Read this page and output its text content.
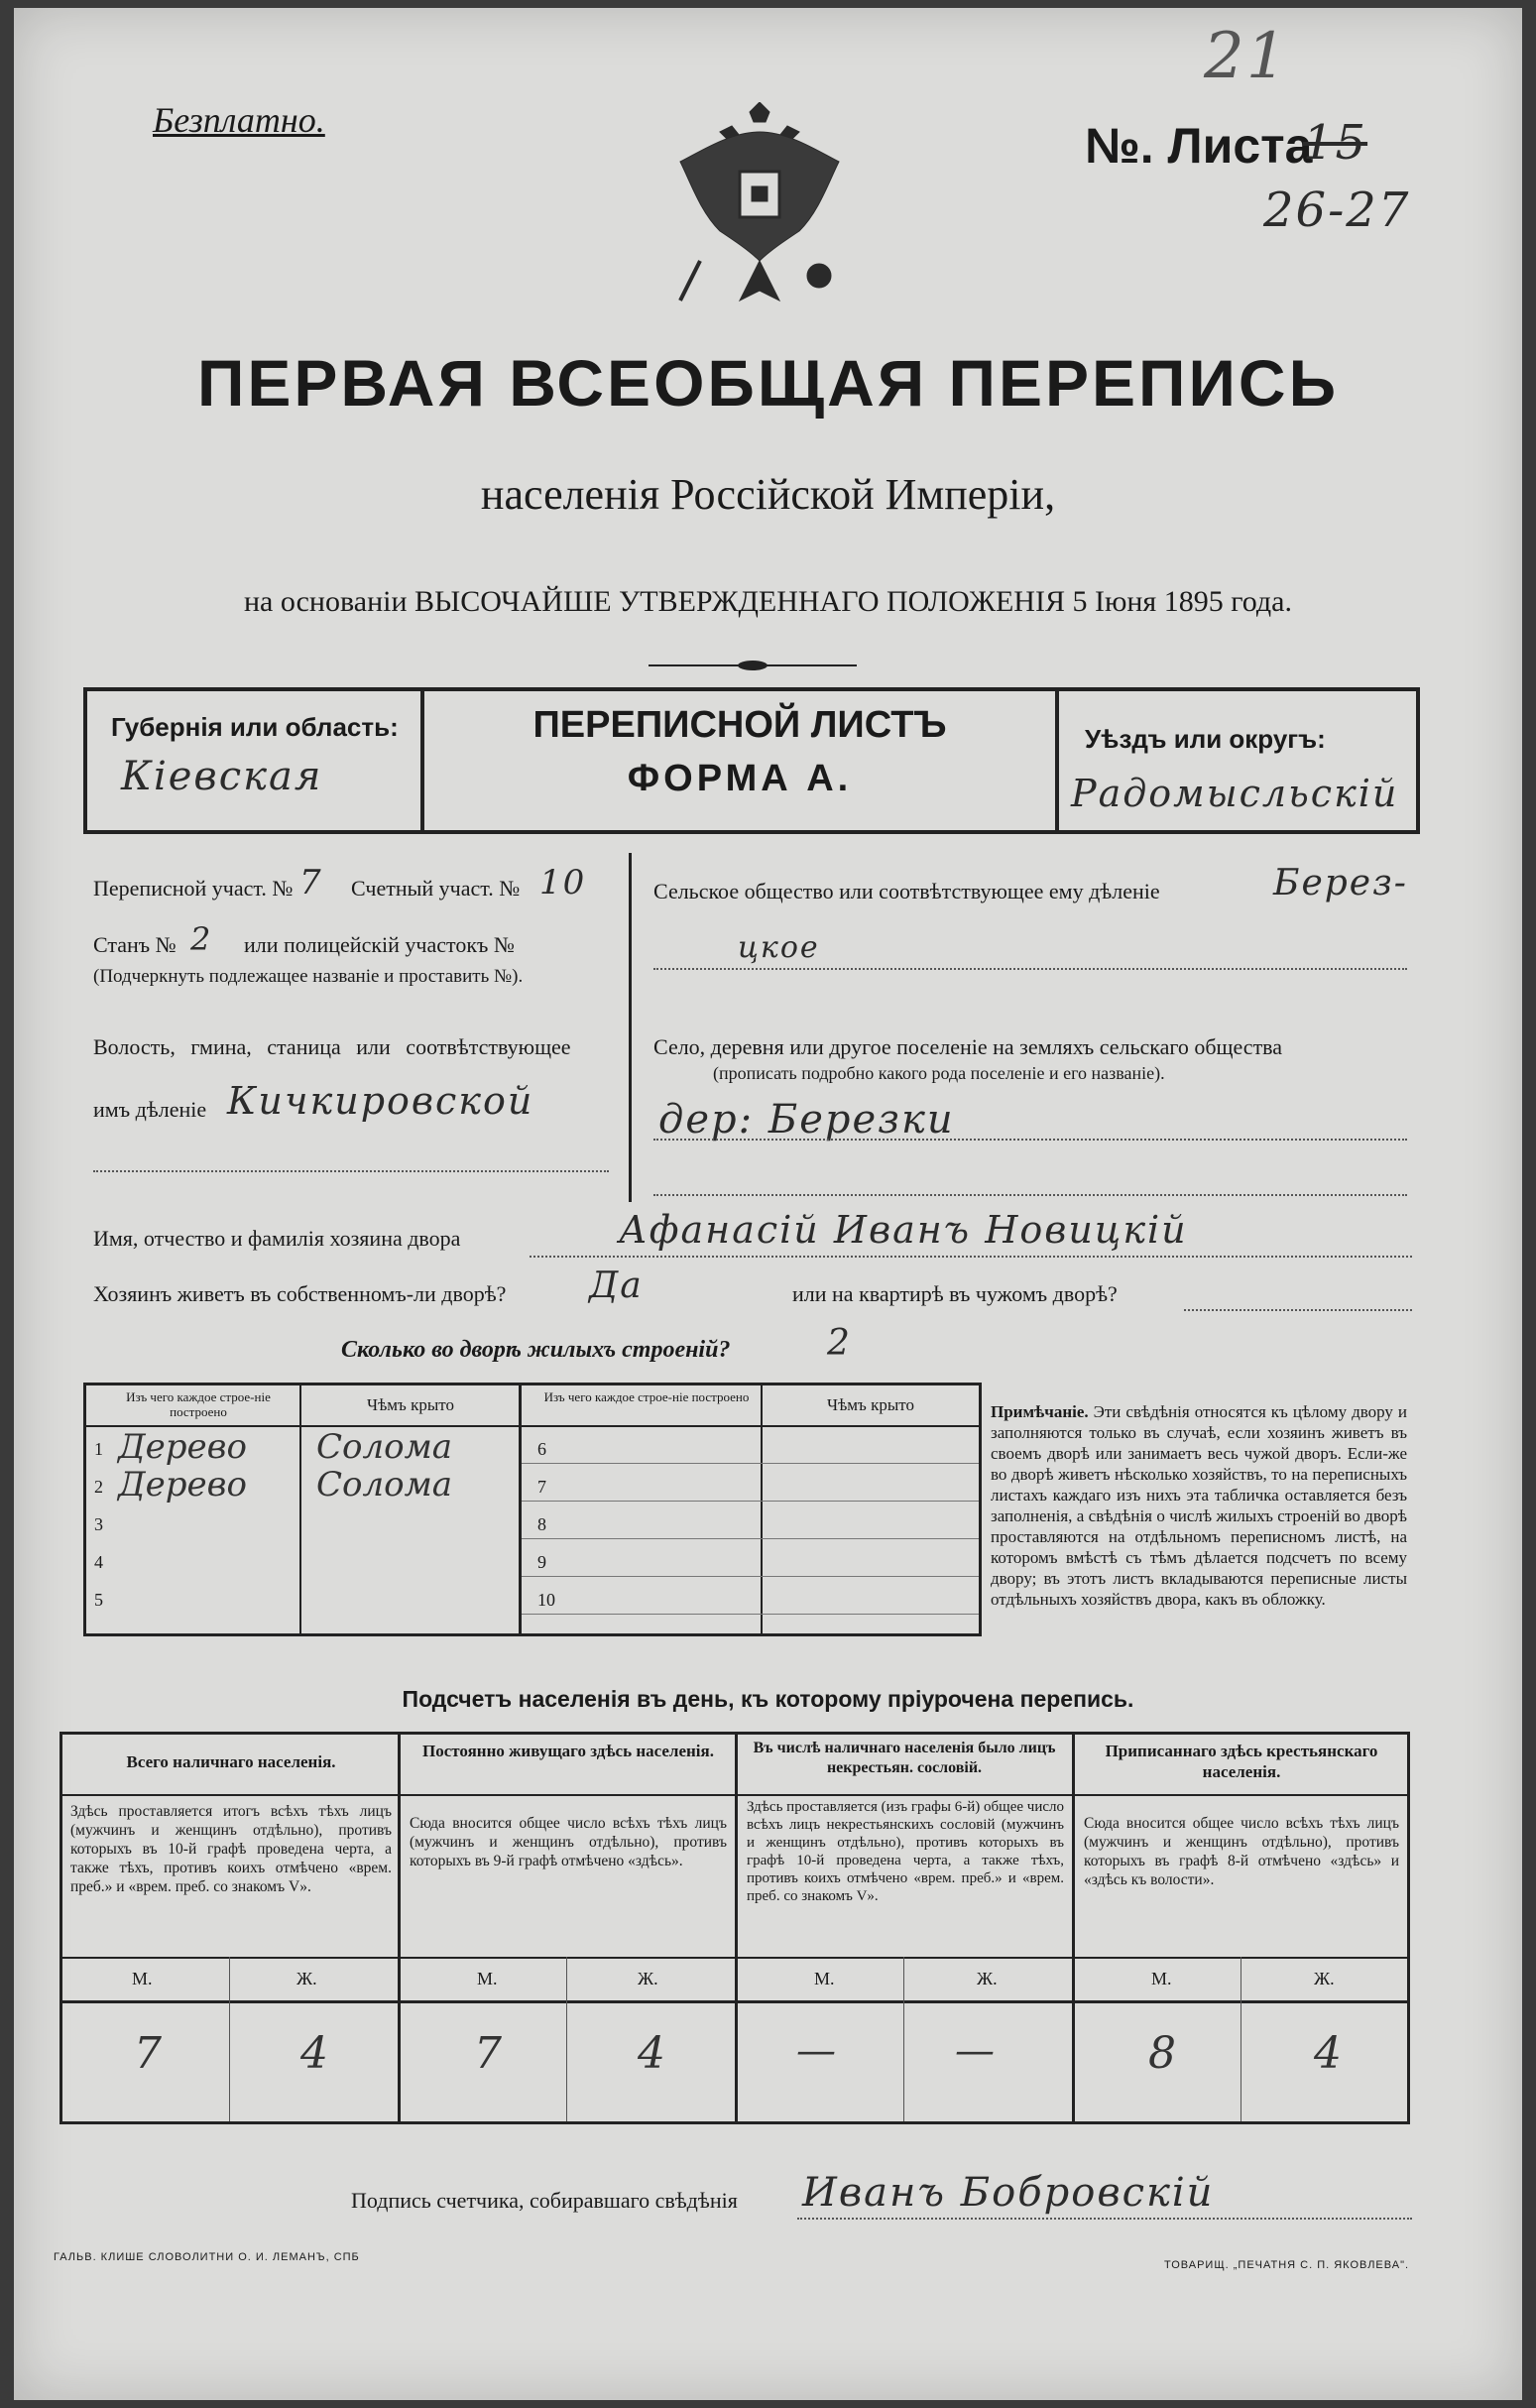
21
Безплатно.	№. Листа
15
26-27
ПЕРВАЯ ВСЕОБЩАЯ ПЕРЕПИСЬ
населенія Россійской Имперіи,
на основаніи ВЫСОЧАЙШЕ УТВЕРЖДЕННАГО ПОЛОЖЕНІЯ 5 Іюня 1895 года.
Губернія или область:
Кіевская
ПЕРЕПИСНОЙ ЛИСТЪ
ФОРМА А.
Уѣздъ или округъ:
Радомысльскій
Переписной участ. № 7 Счетный участ. № 10
Станъ № 2 или полицейскій участокъ №
(Подчеркнуть подлежащее названіе и проставить №).
Волость, гмина, станица или соотвѣтствующее
имъ дѣленіе Кичкировской
Сельское общество или соотвѣтствующее ему дѣленіе	Берез-
цкое
Село, деревня или другое поселеніе на земляхъ сельскаго общества
(прописать подробно какого рода поселеніе и его названіе).
дер: Березки
Имя, отчество и фамилія хозяина двора	Афанасій Иванъ Новицкій
Хозяинъ живетъ въ собственномъ-ли дворѣ? Да	или на квартирѣ въ чужомъ дворѣ?
Сколько во дворѣ жилыхъ строеній?	2
Изъ чего каждое строе-ніе построено	Чѣмъ крыто	Изъ чего каждое строе-ніе построено	Чѣмъ крыто
1 Дерево Солома
2 Дерево Солома
3
4
5
6
7
8
9
10
Примѣчаніе. Эти свѣдѣнія относятся къ цѣлому двору и заполняются только въ случаѣ, если хозяинъ живетъ въ своемъ дворѣ или занимаетъ весь чужой дворъ. Если-же во дворѣ живетъ нѣсколько хозяйствъ, то на переписныхъ листахъ каждаго изъ нихъ эта табличка оставляется безъ заполненія, а свѣдѣнія о числѣ жилыхъ строеній во дворѣ проставляются на отдѣльномъ переписномъ листѣ, на которомъ вмѣстѣ съ тѣмъ дѣлается подсчетъ по всему двору; въ этотъ листъ вкладываются переписные листы отдѣльныхъ хозяйствъ двора, какъ въ обложку.
Подсчетъ населенія въ день, къ которому пріурочена перепись.
Всего наличнаго населенія.
Здѣсь проставляется итогъ всѣхъ тѣхъ лицъ (мужчинъ и женщинъ отдѣльно), противъ которыхъ въ 10-й графѣ проведена черта, а также тѣхъ, противъ коихъ отмѣчено «врем. преб.» и «врем. преб. со знакомъ V».
М.	Ж.
7	4
Постоянно живущаго здѣсь населенія.
Сюда вносится общее число всѣхъ тѣхъ лицъ (мужчинъ и женщинъ отдѣльно), противъ которыхъ въ 9-й графѣ отмѣчено «здѣсь».
М.	Ж.
7	4
Въ числѣ наличнаго населенія было лицъ некрестьян. сословій.
Здѣсь проставляется (изъ графы 6-й) общее число всѣхъ лицъ некрестьянскихъ сословій (мужчинъ и женщинъ отдѣльно), противъ которыхъ въ графѣ 10-й проведена черта, а также тѣхъ, противъ коихъ отмѣчено «врем. преб.» и «врем. преб. со знакомъ V».
М.	Ж.
—	—
Приписаннаго здѣсь крестьянскаго населенія.
Сюда вносится общее число всѣхъ тѣхъ лицъ (мужчинъ и женщинъ отдѣльно), противъ которыхъ въ графѣ 8-й отмѣчено «здѣсь» и «здѣсь къ волости».
М.	Ж.
8	4
Подпись счетчика, собиравшаго свѣдѣнія Иванъ Бобровскій
ГАЛЬВ. КЛИШЕ СЛОВОЛИТНИ О. И. ЛЕМАНЪ, СПБ
ТОВАРИЩ. „ПЕЧАТНЯ С. П. ЯКОВЛЕВА".
